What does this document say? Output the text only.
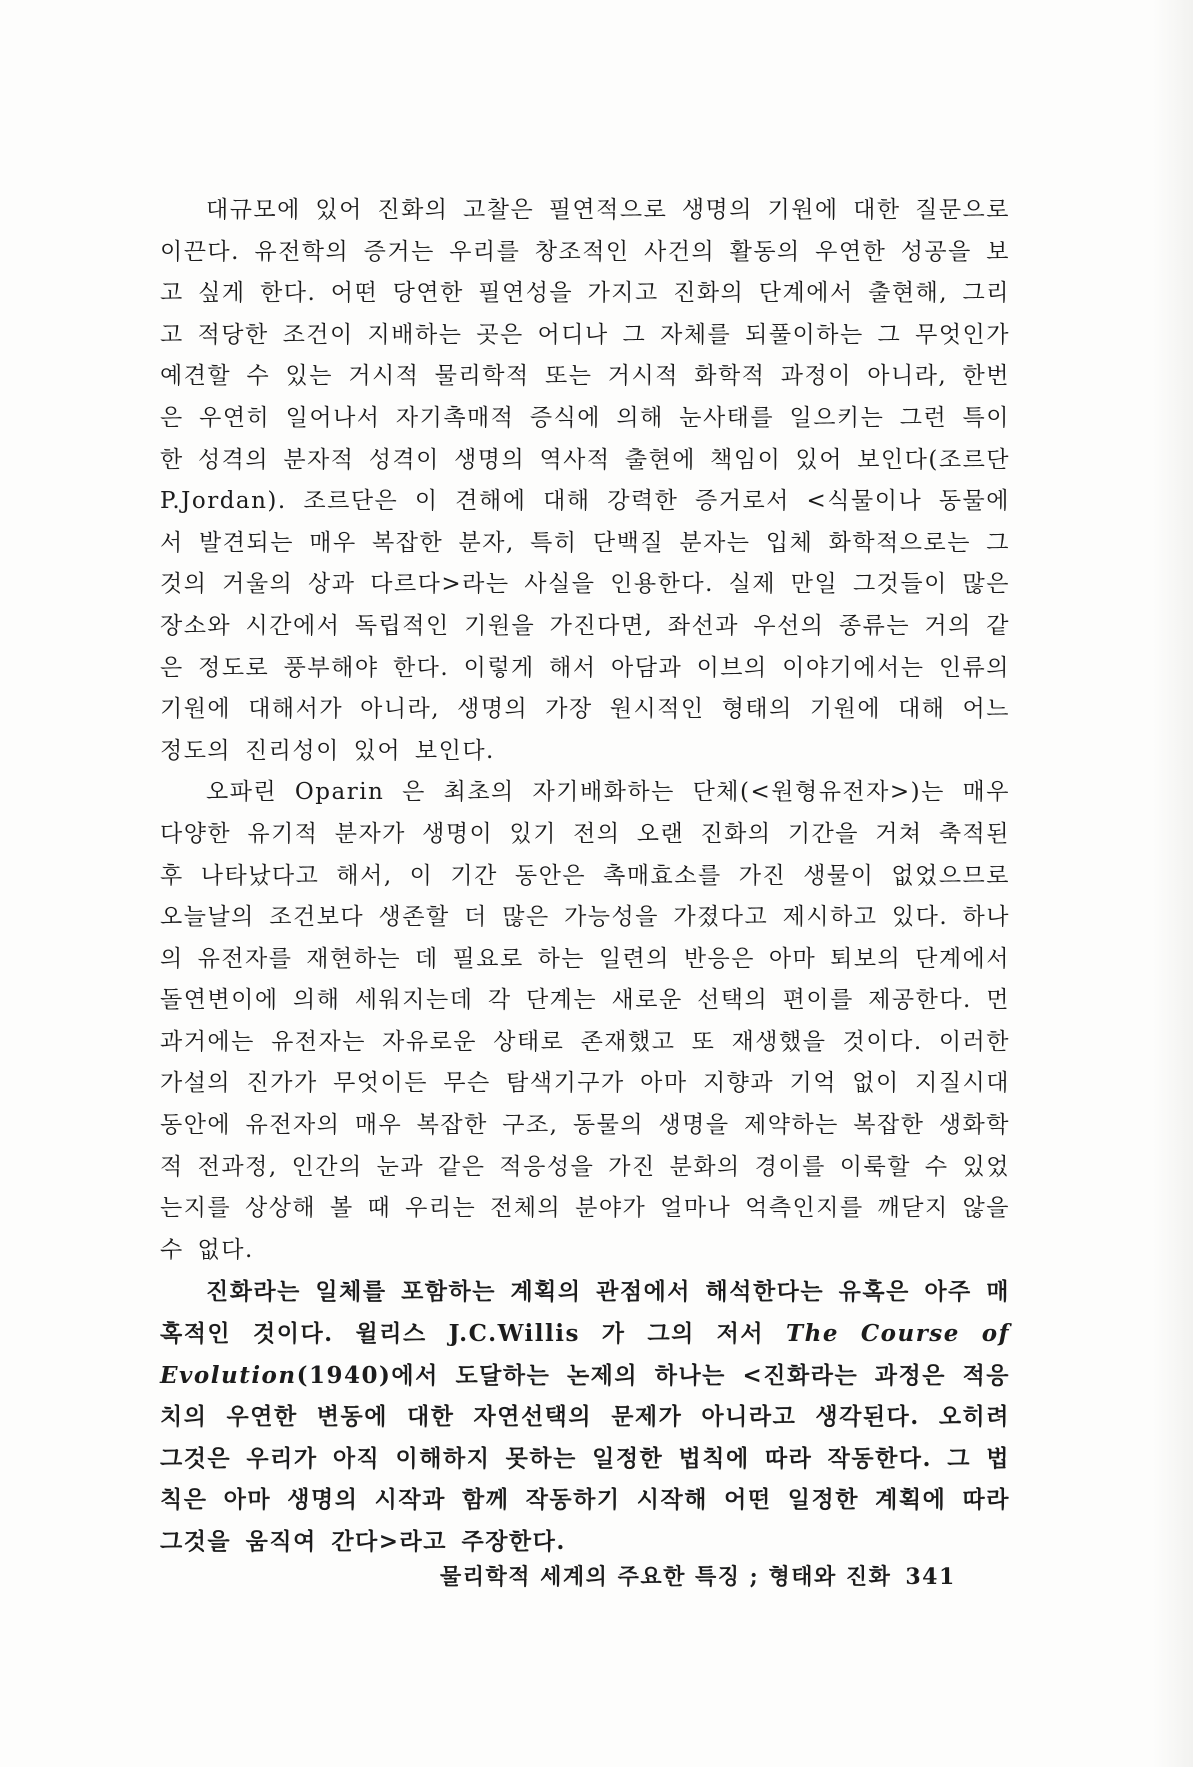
대규모에 있어 진화의 고찰은 필연적으로 생명의 기원에 대한 질문으로 이끈다. 유전학의 증거는 우리를 창조적인 사건의 활동의 우연한 성공을 보고 싶게 한다. 어떤 당연한 필연성을 가지고 진화의 단계에서 출현해, 그리고 적당한 조건이 지배하는 곳은 어디나 그 자체를 되풀이하는 그 무엇인가 예견할 수 있는 거시적 물리학적 또는 거시적 화학적 과정이 아니라, 한번은 우연히 일어나서 자기촉매적 증식에 의해 눈사태를 일으키는 그런 특이한 성격의 분자적 성격이 생명의 역사적 출현에 책임이 있어 보인다(조르단 P.Jordan). 조르단은 이 견해에 대해 강력한 증거로서 <식물이나 동물에서 발견되는 매우 복잡한 분자, 특히 단백질 분자는 입체 화학적으로는 그것의 거울의 상과 다르다>라는 사실을 인용한다. 실제 만일 그것들이 많은 장소와 시간에서 독립적인 기원을 가진다면, 좌선과 우선의 종류는 거의 같은 정도로 풍부해야 한다. 이렇게 해서 아담과 이브의 이야기에서는 인류의 기원에 대해서가 아니라, 생명의 가장 원시적인 형태의 기원에 대해 어느 정도의 진리성이 있어 보인다.

오파린 Oparin 은 최초의 자기배화하는 단체(<원형유전자>)는 매우 다양한 유기적 분자가 생명이 있기 전의 오랜 진화의 기간을 거쳐 축적된 후 나타났다고 해서, 이 기간 동안은 촉매효소를 가진 생물이 없었으므로 오늘날의 조건보다 생존할 더 많은 가능성을 가졌다고 제시하고 있다. 하나의 유전자를 재현하는 데 필요로 하는 일련의 반응은 아마 퇴보의 단계에서 돌연변이에 의해 세워지는데 각 단계는 새로운 선택의 편이를 제공한다. 먼 과거에는 유전자는 자유로운 상태로 존재했고 또 재생했을 것이다. 이러한 가설의 진가가 무엇이든 무슨 탐색기구가 아마 지향과 기억 없이 지질시대 동안에 유전자의 매우 복잡한 구조, 동물의 생명을 제약하는 복잡한 생화학적 전과정, 인간의 눈과 같은 적응성을 가진 분화의 경이를 이룩할 수 있었는지를 상상해 볼 때 우리는 전체의 분야가 얼마나 억측인지를 깨닫지 않을 수 없다.

진화라는 일체를 포함하는 계획의 관점에서 해석한다는 유혹은 아주 매혹적인 것이다. 윌리스 J.C.Willis 가 그의 저서 The Course of Evolution(1940)에서 도달하는 논제의 하나는 <진화라는 과정은 적응치의 우연한 변동에 대한 자연선택의 문제가 아니라고 생각된다. 오히려 그것은 우리가 아직 이해하지 못하는 일정한 법칙에 따라 작동한다. 그 법칙은 아마 생명의 시작과 함께 작동하기 시작해 어떤 일정한 계획에 따라 그것을 움직여 간다>라고 주장한다.

물리학적 세계의 주요한 특징 ; 형태와 진화 341
